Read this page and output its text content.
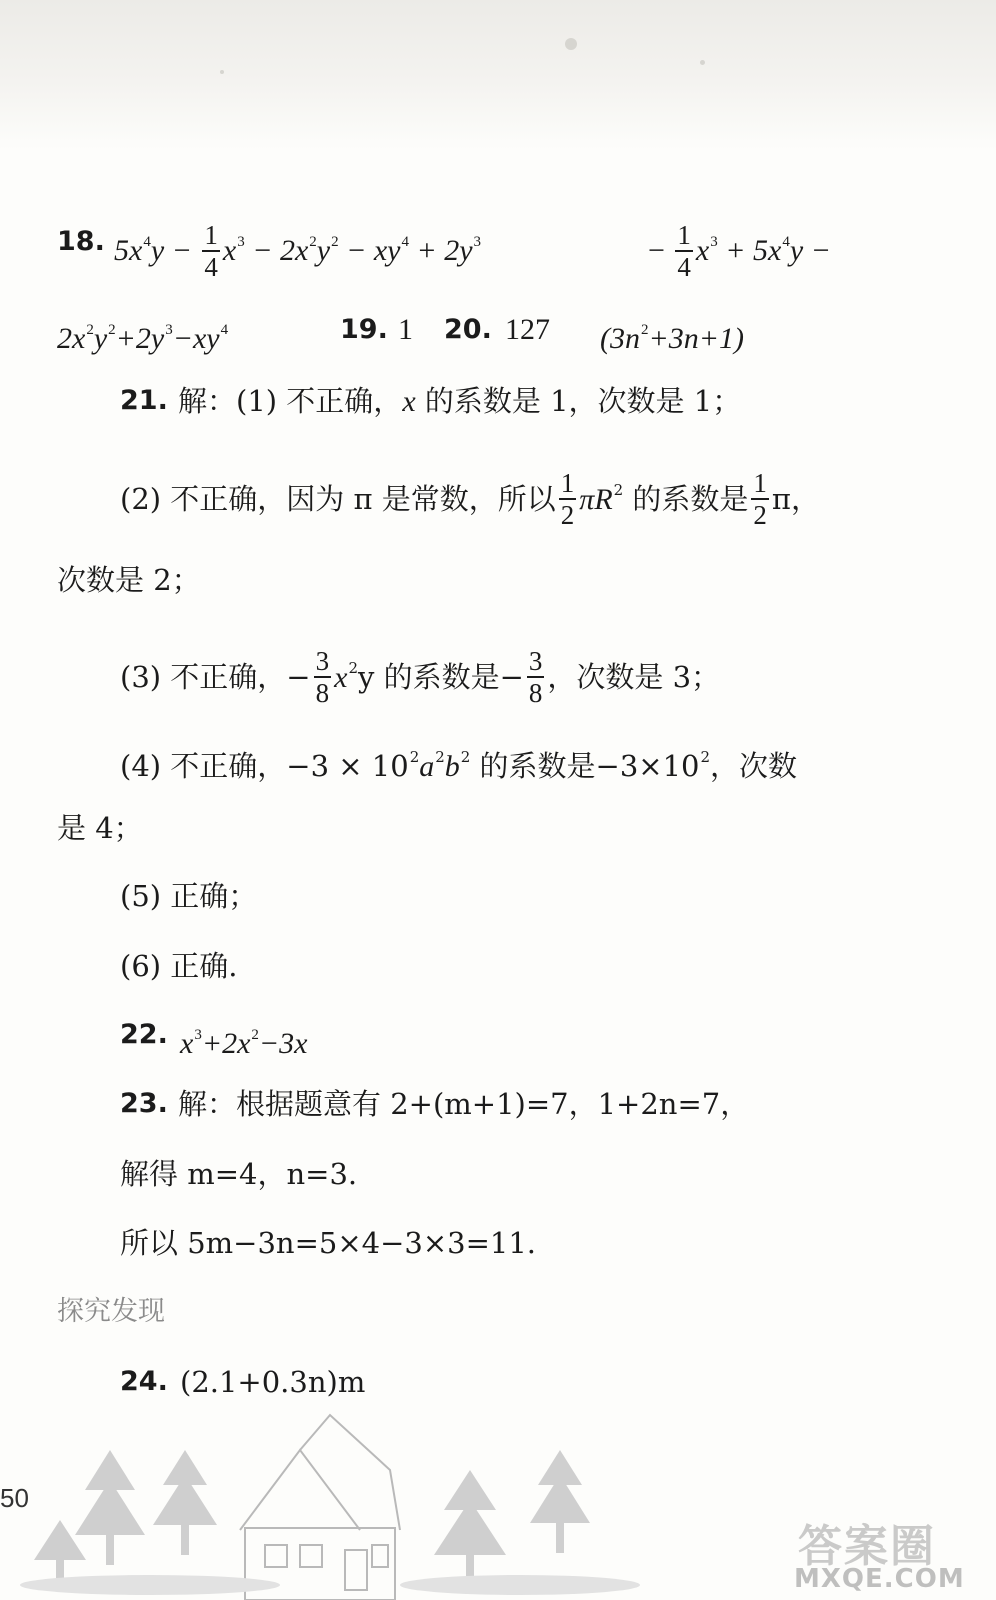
18. $5x^4y - \frac{1}{4} x^3 - 2x^2y^2 - xy^4 + 2y^3$	− $\frac{1}{4} x^3 + 5x^4y$ −
$2x^2y^2+2y^3-xy^4$	19. 1 20. 127 $(3n^2+3n+1)$
21. 解：(1) 不正确，x 的系数是 1，次数是 1；
(2) 不正确，因为 π 是常数，所以 $\frac{1}{2} \pi R^2$ 的系数是 $\frac{1}{2}$ π，
次数是 2；
(3) 不正确，− $\frac{3}{8} x^2y$ 的系数是− $\frac{3}{8}$ ，次数是 3；
(4) 不正确，$-3 \times 10^2a^2b^2$ 的系数是$-3\times 10^2$，次数
是 4；
(5) 正确；
(6) 正确.
22. $x^3+2x^2-3x$
23. 解：根据题意有 2+(m+1)=7，1+2n=7，
解得 m=4，n=3.
所以 5m−3n=5×4−3×3=11.
探究发现
24. (2.1+0.3n)m
50
答案圈
MXQE.COM
